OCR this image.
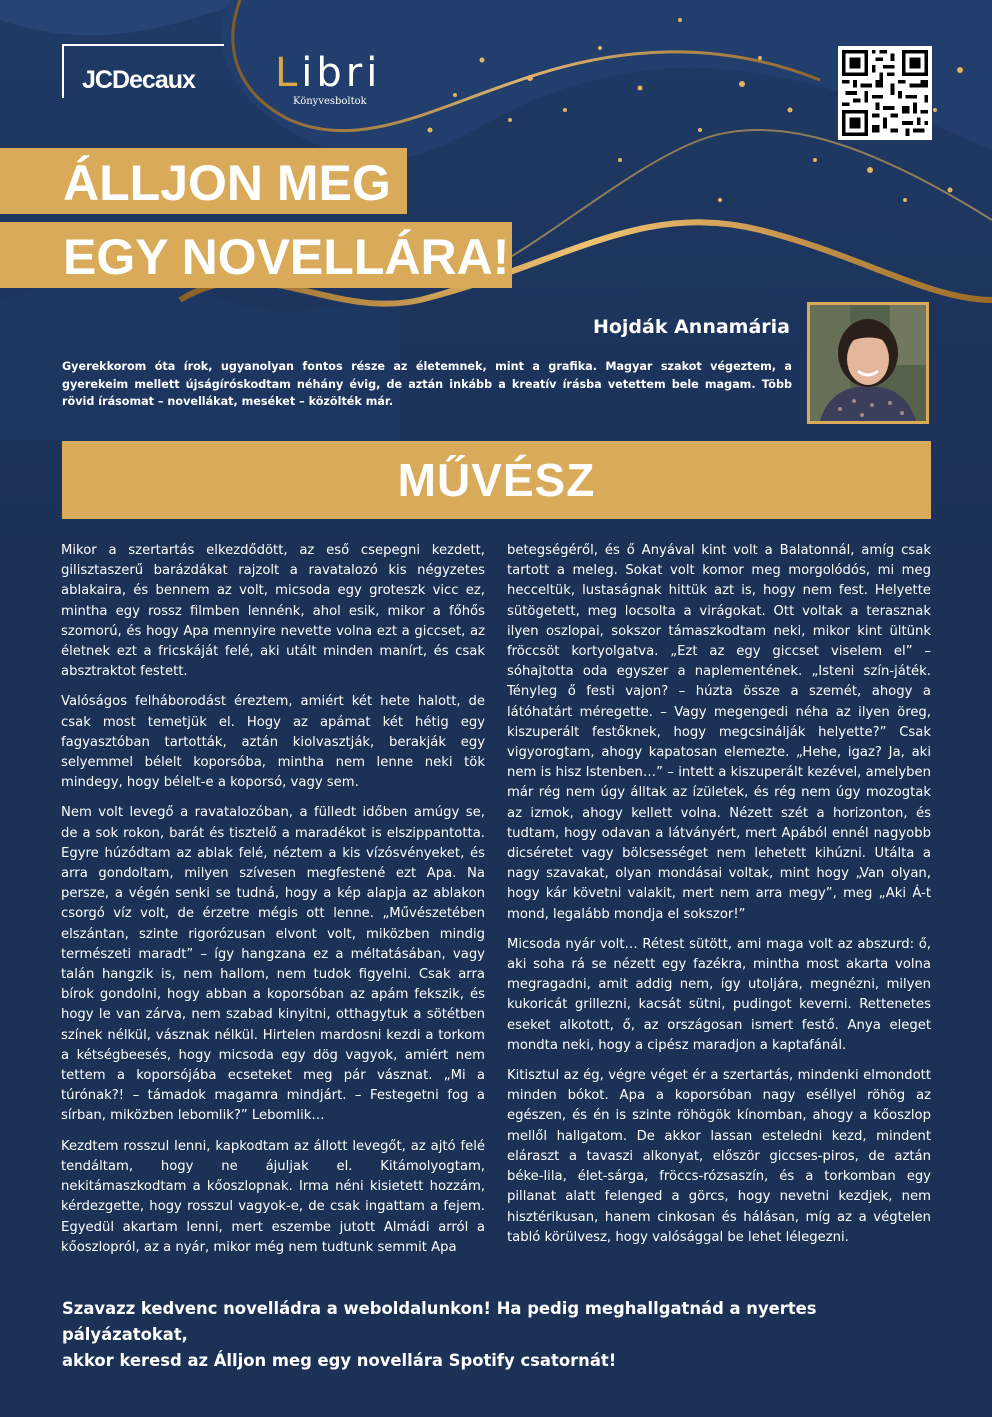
JCDecaux Libri
Könyvesboltok
ÁLLJON MEG
EGY NOVELLÁRA!
Hojdák Annamária
Gyerekkorom óta írok, ugyanolyan fontos része az életemnek, mint a grafika. Magyar szakot végeztem, a gyerekeim mellett újságíróskodtam néhány évig, de aztán inkább a kreatív írásba vetettem bele magam. Több rövid írásomat – novellákat, meséket – közölték már.
MŰVÉSZ

Mikor a szertartás elkezdődött, az eső csepegni kezdett, gilisztaszerű barázdákat rajzolt a ravatalozó kis négyzetes ablakaira, és bennem az volt, micsoda egy groteszk vicc ez, mintha egy rossz filmben lennénk, ahol esik, mikor a főhős szomorú, és hogy Apa mennyire nevette volna ezt a giccset, az életnek ezt a fricskáját felé, aki utált minden manírt, és csak absztraktot festett.

Valóságos felháborodást éreztem, amiért két hete halott, de csak most temetjük el. Hogy az apámat két hétig egy fagyasztóban tartották, aztán kiolvasztják, berakják egy selyemmel bélelt koporsóba, mintha nem lenne neki tök mindegy, hogy bélelt-e a koporsó, vagy sem.

Nem volt levegő a ravatalozóban, a fülledt időben amúgy se, de a sok rokon, barát és tisztelő a maradékot is elszippantotta. Egyre húzódtam az ablak felé, néztem a kis vízósvényeket, és arra gondoltam, milyen szívesen megfestené ezt Apa. Na persze, a végén senki se tudná, hogy a kép alapja az ablakon csorgó víz volt, de érzetre mégis ott lenne. „Művészetében elszántan, szinte rigorózusan elvont volt, miközben mindig természeti maradt” – így hangzana ez a méltatásában, vagy talán hangzik is, nem hallom, nem tudok figyelni. Csak arra bírok gondolni, hogy abban a koporsóban az apám fekszik, és hogy le van zárva, nem szabad kinyitni, otthagytuk a sötétben színek nélkül, vásznak nélkül. Hirtelen mardosni kezdi a torkom a kétségbeesés, hogy micsoda egy dög vagyok, amiért nem tettem a koporsójába ecseteket meg pár vásznat. „Mi a túrónak?! – támadok magamra mindjárt. – Festegetni fog a sírban, miközben lebomlik?” Lebomlik…

Kezdtem rosszul lenni, kapkodtam az állott levegőt, az ajtó felé tendáltam, hogy ne ájuljak el. Kitámolyogtam, nekitámaszkodtam a kőoszlopnak. Irma néni kisietett hozzám, kérdezgette, hogy rosszul vagyok-e, de csak ingattam a fejem. Egyedül akartam lenni, mert eszembe jutott Almádi arról a kőoszlopról, az a nyár, mikor még nem tudtunk semmit Apa

betegségéről, és ő Anyával kint volt a Balatonnál, amíg csak tartott a meleg. Sokat volt komor meg morgolódós, mi meg hecceltük, lustaságnak hittük azt is, hogy nem fest. Helyette sütögetett, meg locsolta a virágokat. Ott voltak a terasznak ilyen oszlopai, sokszor támaszkodtam neki, mikor kint ültünk fröccsöt kortyolgatva. „Ezt az egy giccset viselem el” – sóhajtotta oda egyszer a naplementének. „Isteni szín-játék. Tényleg ő festi vajon? – húzta össze a szemét, ahogy a látóhatárt méregette. – Vagy megengedi néha az ilyen öreg, kiszuperált festőknek, hogy megcsinálják helyette?” Csak vigyorogtam, ahogy kapatosan elemezte. „Hehe, igaz? Ja, aki nem is hisz Istenben…” – intett a kiszuperált kezével, amelyben már rég nem úgy álltak az ízületek, és rég nem úgy mozogtak az izmok, ahogy kellett volna. Nézett szét a horizonton, és tudtam, hogy odavan a látványért, mert Apából ennél nagyobb dicséretet vagy bölcsességet nem lehetett kihúzni. Utálta a nagy szavakat, olyan mondásai voltak, mint hogy „Van olyan, hogy kár követni valakit, mert nem arra megy”, meg „Aki Á-t mond, legalább mondja el sokszor!”

Micsoda nyár volt… Rétest sütött, ami maga volt az abszurd: ő, aki soha rá se nézett egy fazékra, mintha most akarta volna megragadni, amit addig nem, így utoljára, megnézni, milyen kukoricát grillezni, kacsát sütni, pudingot keverni. Rettenetes eseket alkotott, ő, az országosan ismert festő. Anya eleget mondta neki, hogy a cipész maradjon a kaptafánál.

Kitisztul az ég, végre véget ér a szertartás, mindenki elmondott minden bókot. Apa a koporsóban nagy eséllyel röhög az egészen, és én is szinte röhögök kínomban, ahogy a kőoszlop mellől hallgatom. De akkor lassan esteledni kezd, mindent eláraszt a tavaszi alkonyat, először giccses-piros, de aztán béke-lila, élet-sárga, fröccs-rózsaszín, és a torkomban egy pillanat alatt felenged a görcs, hogy nevetni kezdjek, nem hisztérikusan, hanem cinkosan és hálásan, míg az a végtelen tabló körülvesz, hogy valósággal be lehet lélegezni.

Szavazz kedvenc novelládra a weboldalunkon! Ha pedig meghallgatnád a nyertes pályázatokat,
akkor keresd az Álljon meg egy novellára Spotify csatornát!
